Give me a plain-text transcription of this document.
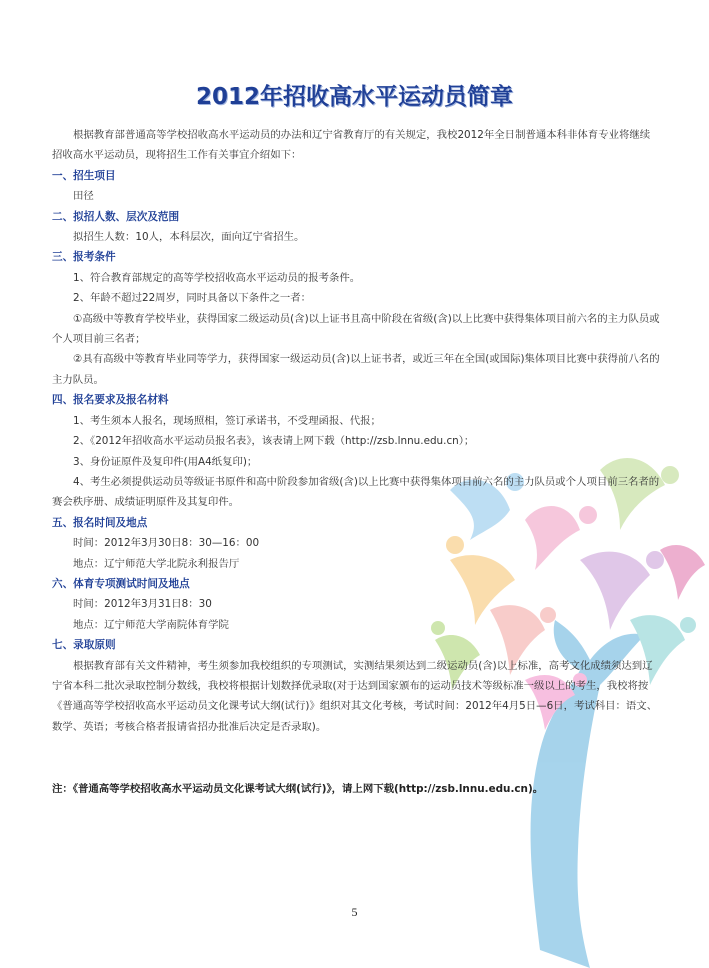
2012年招收高水平运动员简章

根据教育部普通高等学校招收高水平运动员的办法和辽宁省教育厅的有关规定，我校2012年全日制普通本科非体育专业将继续招收高水平运动员，现将招生工作有关事宜介绍如下：

一、招生项目

田径

二、拟招人数、层次及范围

拟招生人数：10人，本科层次，面向辽宁省招生。

三、报考条件

1、符合教育部规定的高等学校招收高水平运动员的报考条件。

2、年龄不超过22周岁，同时具备以下条件之一者：

①高级中等教育学校毕业，获得国家二级运动员(含)以上证书且高中阶段在省级(含)以上比赛中获得集体项目前六名的主力队员或个人项目前三名者；

②具有高级中等教育毕业同等学力，获得国家一级运动员(含)以上证书者，或近三年在全国(或国际)集体项目比赛中获得前八名的主力队员。

四、报名要求及报名材料

1、考生须本人报名，现场照相，签订承诺书，不受理函报、代报；

2、《2012年招收高水平运动员报名表》，该表请上网下载（http://zsb.lnnu.edu.cn）；

3、身份证原件及复印件(用A4纸复印)；

4、考生必须提供运动员等级证书原件和高中阶段参加省级(含)以上比赛中获得集体项目前六名的主力队员或个人项目前三名者的赛会秩序册、成绩证明原件及其复印件。

五、报名时间及地点

时间：2012年3月30日8：30—16：00

地点：辽宁师范大学北院永利报告厅

六、体育专项测试时间及地点

时间：2012年3月31日8：30

地点：辽宁师范大学南院体育学院

七、录取原则

根据教育部有关文件精神，考生须参加我校组织的专项测试，实测结果须达到二级运动员(含)以上标准，高考文化成绩须达到辽宁省本科二批次录取控制分数线，我校将根据计划数择优录取(对于达到国家颁布的运动员技术等级标准一级以上的考生，我校将按《普通高等学校招收高水平运动员文化课考试大纲(试行)》组织对其文化考核，考试时间：2012年4月5日—6日，考试科目：语文、数学、英语；考核合格者报请省招办批准后决定是否录取)。

注：《普通高等学校招收高水平运动员文化课考试大纲(试行)》，请上网下载(http://zsb.lnnu.edu.cn)。
5
